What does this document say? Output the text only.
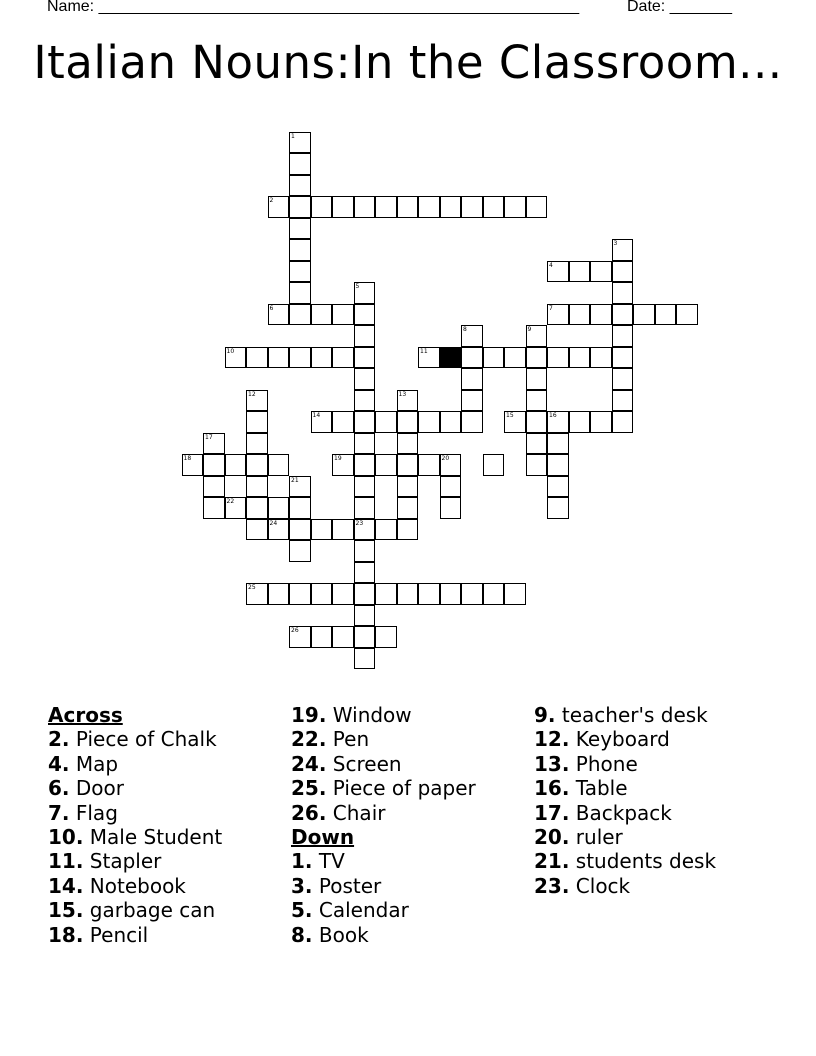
Name: ______________________________________________________	Date: _______
Italian Nouns:In the Classroom...
1
2
3
4
5
6	7
8	9
10	11
12	13
14	15	16
17
18	19	20
21
22
23
24
25
26
Across
2. Piece of Chalk
4. Map
6. Door
7. Flag
10. Male Student
11. Stapler
14. Notebook
15. garbage can
18. Pencil
19. Window
22. Pen
24. Screen
25. Piece of paper
26. Chair
Down
1. TV
3. Poster
5. Calendar
8. Book
9. teacher's desk
12. Keyboard
13. Phone
16. Table
17. Backpack
20. ruler
21. students desk
23. Clock
